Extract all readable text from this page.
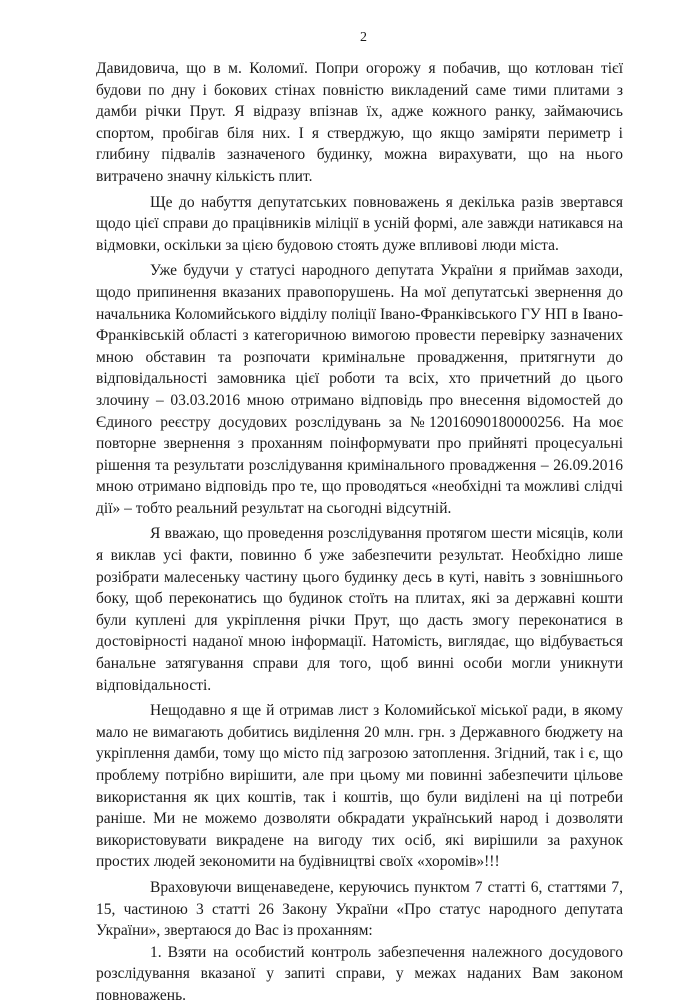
2

Давидовича, що в м. Коломиї. Попри огорожу я побачив, що котлован тієї будови по дну і бокових стінах повністю викладений саме тими плитами з дамби річки Прут. Я відразу впізнав їх, адже кожного ранку, займаючись спортом, пробігав біля них. І я стверджую, що якщо заміряти периметр і глибину підвалів зазначеного будинку, можна вирахувати, що на нього витрачено значну кількість плит.

Ще до набуття депутатських повноважень я декілька разів звертався щодо цієї справи до працівників міліції в усній формі, але завжди натикався на відмовки, оскільки за цією будовою стоять дуже впливові люди міста.

Уже будучи у статусі народного депутата України я приймав заходи, щодо припинення вказаних правопорушень. На мої депутатські звернення до начальника Коломийського відділу поліції Івано-Франківського ГУ НП в Івано-Франківській області з категоричною вимогою провести перевірку зазначених мною обставин та розпочати кримінальне провадження, притягнути до відповідальності замовника цієї роботи та всіх, хто причетний до цього злочину – 03.03.2016 мною отримано відповідь про внесення відомостей до Єдиного реєстру досудових розслідувань за №12016090180000256. На моє повторне звернення з проханням поінформувати про прийняті процесуальні рішення та результати розслідування кримінального провадження – 26.09.2016 мною отримано відповідь про те, що проводяться «необхідні та можливі слідчі дії» – тобто реальний результат на сьогодні відсутній.

Я вважаю, що проведення розслідування протягом шести місяців, коли я виклав усі факти, повинно б уже забезпечити результат. Необхідно лише розібрати малесеньку частину цього будинку десь в куті, навіть з зовнішнього боку, щоб переконатись що будинок стоїть на плитах, які за державні кошти були куплені для укріплення річки Прут, що дасть змогу переконатися в достовірності наданої мною інформації. Натомість, виглядає, що відбувається банальне затягування справи для того, щоб винні особи могли уникнути відповідальності.

Нещодавно я ще й отримав лист з Коломийської міської ради, в якому мало не вимагають добитись виділення 20 млн. грн. з Державного бюджету на укріплення дамби, тому що місто під загрозою затоплення. Згідний, так і є, що проблему потрібно вирішити, але при цьому ми повинні забезпечити цільове використання як цих коштів, так і коштів, що були виділені на ці потреби раніше. Ми не можемо дозволяти обкрадати український народ і дозволяти використовувати викрадене на вигоду тих осіб, які вирішили за рахунок простих людей зекономити на будівництві своїх «хоромів»!!!

Враховуючи вищенаведене, керуючись пунктом 7 статті 6, статтями 7, 15, частиною 3 статті 26 Закону України «Про статус народного депутата України», звертаюся до Вас із проханням:

1. Взяти на особистий контроль забезпечення належного досудового розслідування вказаної у запиті справи, у межах наданих Вам законом повноважень.
